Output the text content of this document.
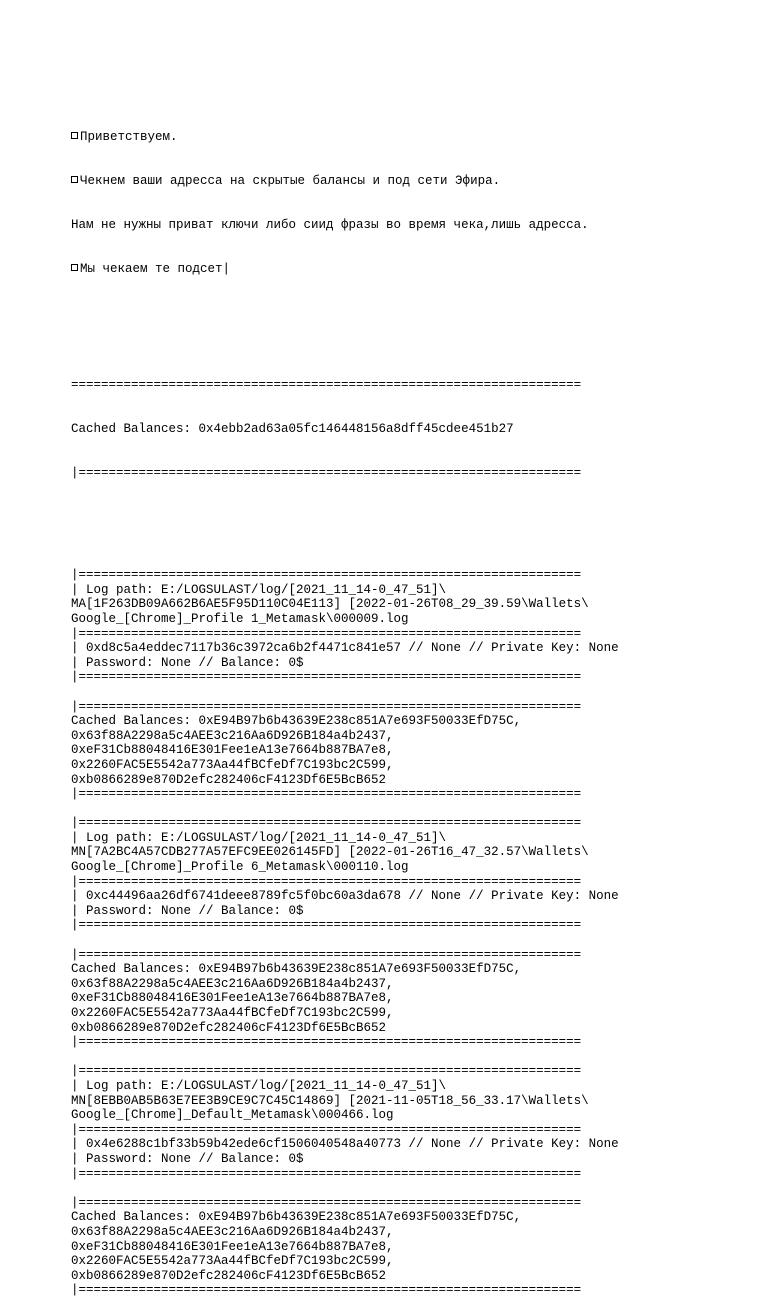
Приветствуем.

Чекнем ваши адресса на скрытые балансы и под сети Эфира.

Нам не нужны приват ключи либо сиид фразы во время чека,лишь адресса.

Мы чекаем те подсет|

====================================================================

Cached Balances: 0x4ebb2ad63a05fc146448156a8dff45cdee451b27

|===================================================================

|===================================================================
| Log path: E:/LOGSULAST/log/[2021_11_14-0_47_51]\
MA[1F263DB09A662B6AE5F95D110C04E113] [2022-01-26T08_29_39.59\Wallets\
Google_[Chrome]_Profile 1_Metamask\000009.log
|===================================================================
| 0xd8c5a4eddec7117b36c3972ca6b2f4471c841e57 // None // Private Key: None
| Password: None // Balance: 0$
|===================================================================
|===================================================================
Cached Balances: 0xE94B97b6b43639E238c851A7e693F50033EfD75C,
0x63f88A2298a5c4AEE3c216Aa6D926B184a4b2437,
0xeF31Cb88048416E301Fee1eA13e7664b887BA7e8,
0x2260FAC5E5542a773Aa44fBCfeDf7C193bc2C599,
0xb0866289e870D2efc282406cF4123Df6E5BcB652
|===================================================================
|===================================================================
| Log path: E:/LOGSULAST/log/[2021_11_14-0_47_51]\
MN[7A2BC4A57CDB277A57EFC9EE026145FD] [2022-01-26T16_47_32.57\Wallets\
Google_[Chrome]_Profile 6_Metamask\000110.log
|===================================================================
| 0xc44496aa26df6741deee8789fc5f0bc60a3da678 // None // Private Key: None
| Password: None // Balance: 0$
|===================================================================
|===================================================================
Cached Balances: 0xE94B97b6b43639E238c851A7e693F50033EfD75C,
0x63f88A2298a5c4AEE3c216Aa6D926B184a4b2437,
0xeF31Cb88048416E301Fee1eA13e7664b887BA7e8,
0x2260FAC5E5542a773Aa44fBCfeDf7C193bc2C599,
0xb0866289e870D2efc282406cF4123Df6E5BcB652
|===================================================================
|===================================================================
| Log path: E:/LOGSULAST/log/[2021_11_14-0_47_51]\
MN[8EBB0AB5B63E7EE3B9CE9C7C45C14869] [2021-11-05T18_56_33.17\Wallets\
Google_[Chrome]_Default_Metamask\000466.log
|===================================================================
| 0x4e6288c1bf33b59b42ede6cf1506040548a40773 // None // Private Key: None
| Password: None // Balance: 0$
|===================================================================
|===================================================================
Cached Balances: 0xE94B97b6b43639E238c851A7e693F50033EfD75C,
0x63f88A2298a5c4AEE3c216Aa6D926B184a4b2437,
0xeF31Cb88048416E301Fee1eA13e7664b887BA7e8,
0x2260FAC5E5542a773Aa44fBCfeDf7C193bc2C599,
0xb0866289e870D2efc282406cF4123Df6E5BcB652
|===================================================================
